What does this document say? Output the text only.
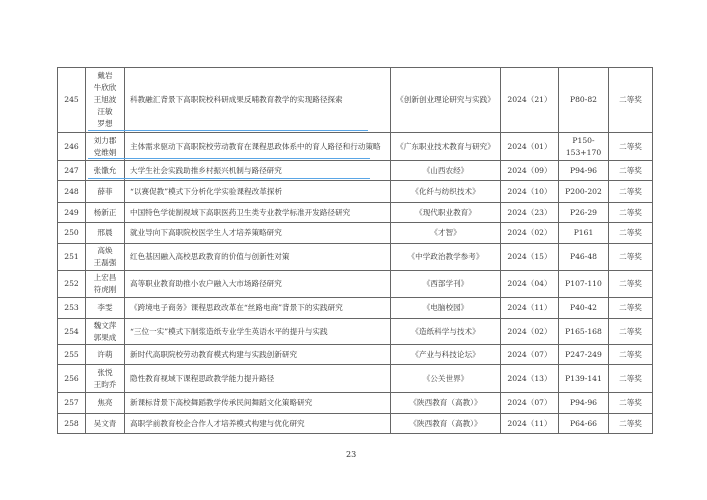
245	戴岩
牛欣欣
王旭波
汪敏
罗想	科教融汇背景下高职院校科研成果反哺教育教学的实现路径探索	《创新创业理论研究与实践》	2024（21）	P80-82	二等奖
246	刘力郡
党维娟	主体需求驱动下高职院校劳动教育在课程思政体系中的育人路径和行动策略	《广东职业技术教育与研究》	2024（01）	P150-153+170	二等奖
247	张馓允	大学生社会实践助推乡村振兴机制与路径研究	《山西农经》	2024（09）	P94-96	二等奖
248	薛菲	“以赛促教”模式下分析化学实验课程改革探析	《化纤与纺织技术》	2024（10）	P200-202	二等奖
249	杨新正	中国特色学徒制视域下高职医药卫生类专业教学标准开发路径研究	《现代职业教育》	2024（23）	P26-29	二等奖
250	邢晨	就业导向下高职院校医学生人才培养策略研究	《才智》	2024（02）	P161	二等奖
251	高焕
王磊强	红色基因融入高校思政教育的价值与创新性对策	《中学政治教学参考》	2024（15）	P46-48	二等奖
252	上宏昌
符虎刚	高等职业教育助推小农户融入大市场路径研究	《西部学刊》	2024（04）	P107-110	二等奖
253	李雯	《跨境电子商务》课程思政改革在“丝路电商”背景下的实践研究	《电脑校园》	2024（11）	P40-42	二等奖
254	魏文萍
郭果成	“三位一实”模式下制浆造纸专业学生英语水平的提升与实践	《造纸科学与技术》	2024（02）	P165-168	二等奖
255	许萌	新时代高职院校劳动教育模式构建与实践创新研究	《产业与科技论坛》	2024（07）	P247-249	二等奖
256	张悦
王昀乔	隐性教育视域下课程思政教学能力提升路径	《公关世界》	2024（13）	P139-141	二等奖
257	焦亮	新课标背景下高校舞蹈教学传承民间舞蹈文化策略研究	《陕西教育（高教）》	2024（07）	P94-96	二等奖
258	吴文青	高职学前教育校企合作人才培养模式构建与优化研究	《陕西教育（高教）》	2024（11）	P64-66	二等奖
23
